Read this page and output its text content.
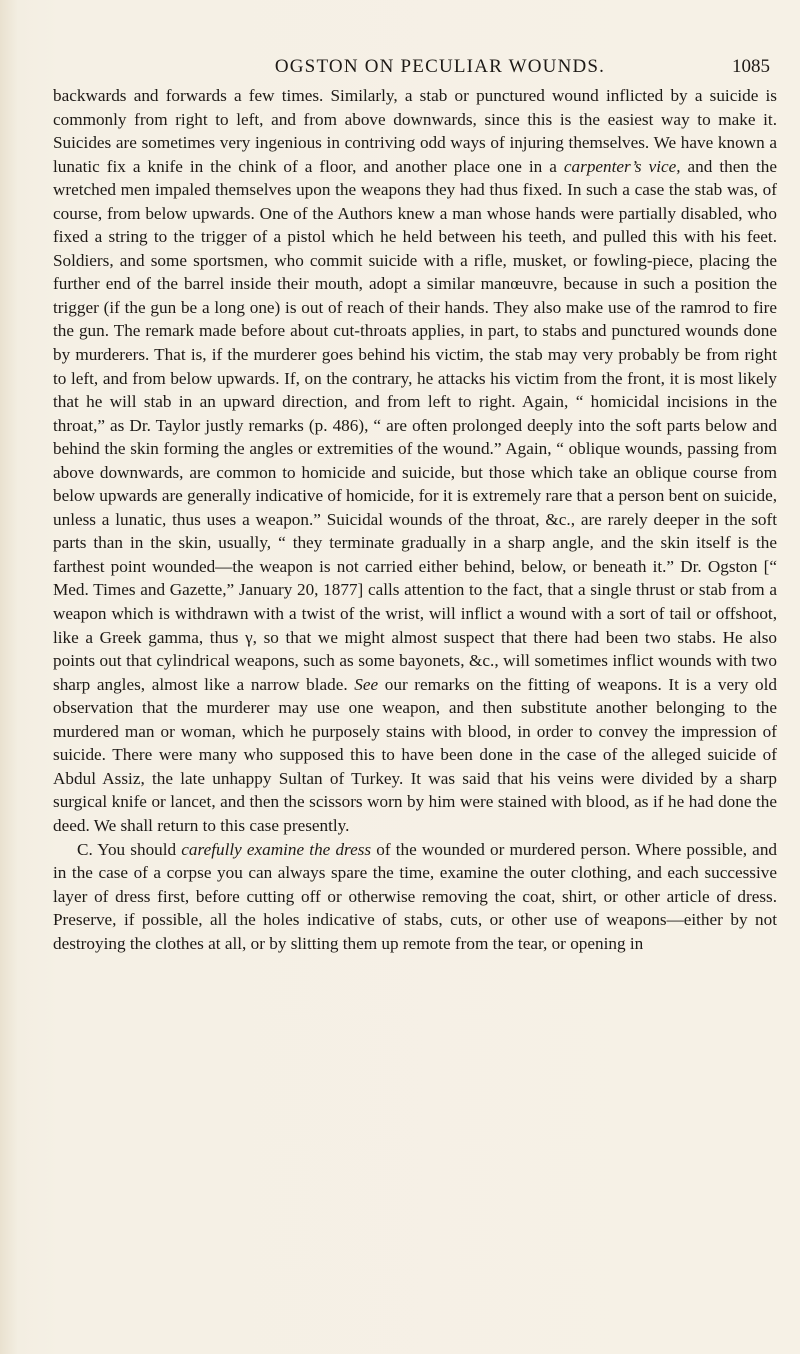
OGSTON ON PECULIAR WOUNDS.	1085

backwards and forwards a few times. Similarly, a stab or punctured wound inflicted by a suicide is commonly from right to left, and from above downwards, since this is the easiest way to make it. Suicides are sometimes very ingenious in contriving odd ways of injuring themselves. We have known a lunatic fix a knife in the chink of a floor, and another place one in a carpenter’s vice, and then the wretched men impaled themselves upon the weapons they had thus fixed. In such a case the stab was, of course, from below upwards. One of the Authors knew a man whose hands were partially disabled, who fixed a string to the trigger of a pistol which he held between his teeth, and pulled this with his feet. Soldiers, and some sportsmen, who commit suicide with a rifle, musket, or fowling-piece, placing the further end of the barrel inside their mouth, adopt a similar manœuvre, because in such a position the trigger (if the gun be a long one) is out of reach of their hands. They also make use of the ramrod to fire the gun. The remark made before about cut-throats applies, in part, to stabs and punctured wounds done by murderers. That is, if the murderer goes behind his victim, the stab may very probably be from right to left, and from below upwards. If, on the contrary, he attacks his victim from the front, it is most likely that he will stab in an upward direction, and from left to right. Again, “ homicidal incisions in the throat,” as Dr. Taylor justly remarks (p. 486), “ are often prolonged deeply into the soft parts below and behind the skin forming the angles or extremities of the wound.” Again, “ oblique wounds, passing from above downwards, are common to homicide and suicide, but those which take an oblique course from below upwards are generally indicative of homicide, for it is extremely rare that a person bent on suicide, unless a lunatic, thus uses a weapon.” Suicidal wounds of the throat, &c., are rarely deeper in the soft parts than in the skin, usually, “ they terminate gradually in a sharp angle, and the skin itself is the farthest point wounded—the weapon is not carried either behind, below, or beneath it.” Dr. Ogston [“ Med. Times and Gazette,” January 20, 1877] calls attention to the fact, that a single thrust or stab from a weapon which is withdrawn with a twist of the wrist, will inflict a wound with a sort of tail or offshoot, like a Greek gamma, thus γ, so that we might almost suspect that there had been two stabs. He also points out that cylindrical weapons, such as some bayonets, &c., will sometimes inflict wounds with two sharp angles, almost like a narrow blade. See our remarks on the fitting of weapons. It is a very old observation that the murderer may use one weapon, and then substitute another belonging to the murdered man or woman, which he purposely stains with blood, in order to convey the impression of suicide. There were many who supposed this to have been done in the case of the alleged suicide of Abdul Assiz, the late unhappy Sultan of Turkey. It was said that his veins were divided by a sharp surgical knife or lancet, and then the scissors worn by him were stained with blood, as if he had done the deed. We shall return to this case presently.

C. You should carefully examine the dress of the wounded or murdered person. Where possible, and in the case of a corpse you can always spare the time, examine the outer clothing, and each successive layer of dress first, before cutting off or otherwise removing the coat, shirt, or other article of dress. Preserve, if possible, all the holes indicative of stabs, cuts, or other use of weapons—either by not destroying the clothes at all, or by slitting them up remote from the tear, or opening in
